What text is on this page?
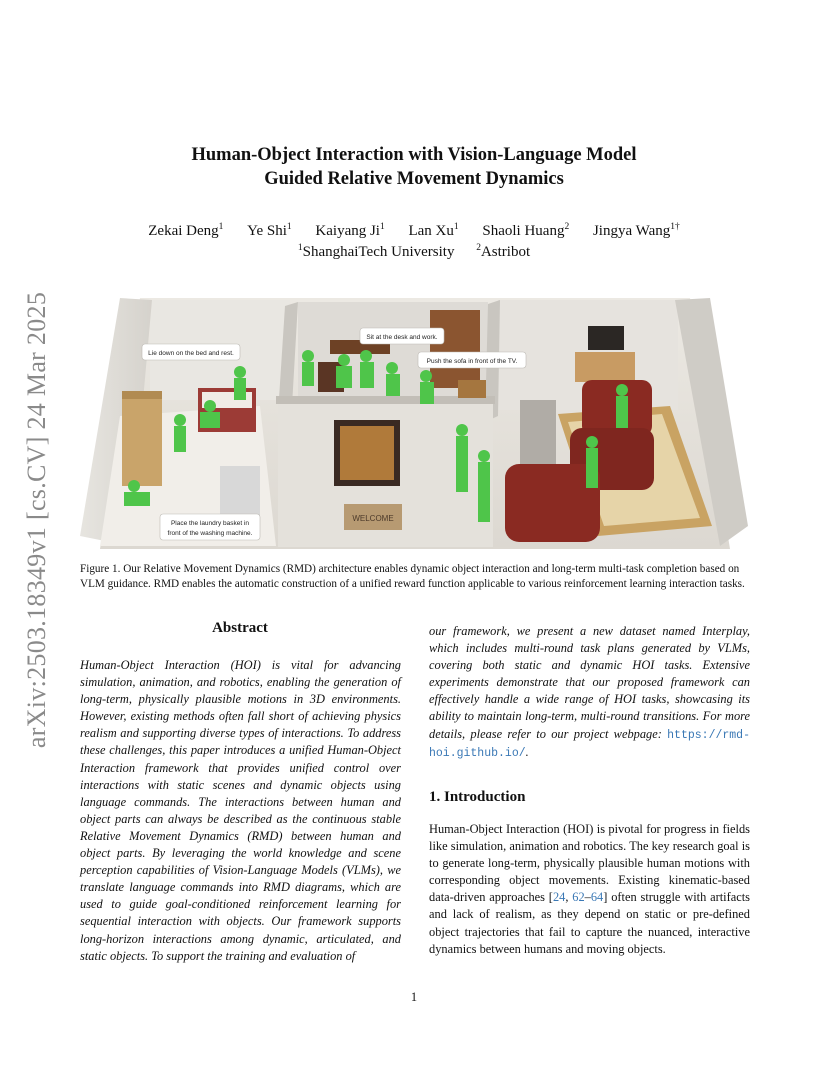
Human-Object Interaction with Vision-Language Model
Guided Relative Movement Dynamics
Zekai Deng$^1$ Ye Shi$^1$ Kaiyang Ji$^1$ Lan Xu$^1$ Shaoli Huang$^2$ Jingya Wang$^{1\dagger}$
$^1$ShanghaiTech University $^2$Astribot
arXiv:2503.18349v1 [cs.CV] 24 Mar 2025	WELCOME
Lie down on the bed and rest.
Sit at the desk and work.
Push the sofa in front of the TV.
Place the laundry basket in
front of the washing machine.
Figure 1. Our Relative Movement Dynamics (RMD) architecture enables dynamic object interaction and long-term multi-task completion based on VLM guidance. RMD enables the automatic construction of a unified reward function applicable to various reinforcement learning interaction tasks.
Abstract
Human-Object Interaction (HOI) is vital for advancing simulation, animation, and robotics, enabling the generation of long-term, physically plausible motions in 3D environments. However, existing methods often fall short of achieving physics realism and supporting diverse types of interactions. To address these challenges, this paper introduces a unified Human-Object Interaction framework that provides unified control over interactions with static scenes and dynamic objects using language commands. The interactions between human and object parts can always be described as the continuous stable Relative Movement Dynamics (RMD) between human and object parts. By leveraging the world knowledge and scene perception capabilities of Vision-Language Models (VLMs), we translate language commands into RMD diagrams, which are used to guide goal-conditioned reinforcement learning for sequential interaction with objects. Our framework supports long-horizon interactions among dynamic, articulated, and static objects. To support the training and evaluation of
our framework, we present a new dataset named Interplay, which includes multi-round task plans generated by VLMs, covering both static and dynamic HOI tasks. Extensive experiments demonstrate that our proposed framework can effectively handle a wide range of HOI tasks, showcasing its ability to maintain long-term, multi-round transitions. For more details, please refer to our project webpage: https://rmd-hoi.github.io/.
1. Introduction
Human-Object Interaction (HOI) is pivotal for progress in fields like simulation, animation and robotics. The key research goal is to generate long-term, physically plausible human motions with corresponding object movements. Existing kinematic-based data-driven approaches [24, 62–64] often struggle with artifacts and lack of realism, as they depend on static or pre-defined object trajectories that fail to capture the nuanced, interactive dynamics between humans and moving objects.
1
